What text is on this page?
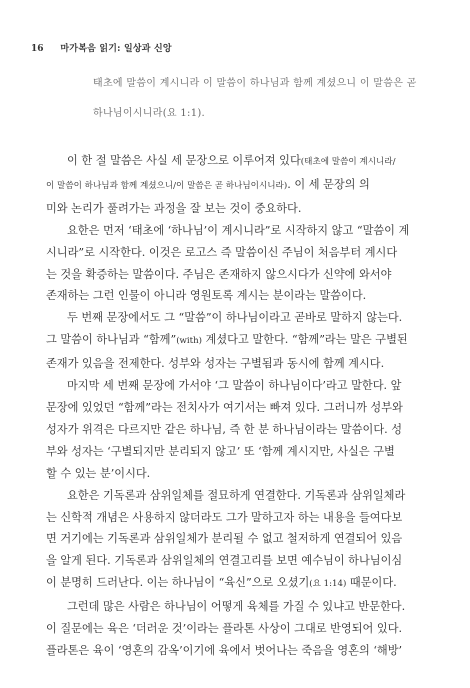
16 마가복음 읽기: 일상과 신앙

태초에 말씀이 계시니라 이 말씀이 하나님과 함께 계셨으니 이 말씀은 곧

하나님이시니라(요 1:1).

이 한 절 말씀은 사실 세 문장으로 이루어져 있다(태초에 말씀이 계시니라/

이 말씀이 하나님과 함께 계셨으니/이 말씀은 곧 하나님이시니라). 이 세 문장의 의

미와 논리가 풀려가는 과정을 잘 보는 것이 중요하다.

요한은 먼저 ‘태초에 ‘하나님’이 계시니라”로 시작하지 않고 “말씀이 계

시니라”로 시작한다. 이것은 로고스 즉 말씀이신 주님이 처음부터 계시다

는 것을 확증하는 말씀이다. 주님은 존재하지 않으시다가 신약에 와서야

존재하는 그런 인물이 아니라 영원토록 계시는 분이라는 말씀이다.

두 번째 문장에서도 그 “말씀”이 하나님이라고 곧바로 말하지 않는다.

그 말씀이 하나님과 “함께”(with) 계셨다고 말한다. “함께”라는 말은 구별된

존재가 있음을 전제한다. 성부와 성자는 구별됨과 동시에 함께 계시다.

마지막 세 번째 문장에 가서야 ‘그 말씀이 하나님이다’라고 말한다. 앞

문장에 있었던 “함께”라는 전치사가 여기서는 빠져 있다. 그러니까 성부와

성자가 위격은 다르지만 같은 하나님, 즉 한 분 하나님이라는 말씀이다. 성

부와 성자는 ‘구별되지만 분리되지 않고’ 또 ‘함께 계시지만, 사실은 구별

할 수 있는 분’이시다.

요한은 기독론과 삼위일체를 절묘하게 연결한다. 기독론과 삼위일체라

는 신학적 개념은 사용하지 않더라도 그가 말하고자 하는 내용을 들여다보

면 거기에는 기독론과 삼위일체가 분리될 수 없고 철저하게 연결되어 있음

을 알게 된다. 기독론과 삼위일체의 연결고리를 보면 예수님이 하나님이심

이 분명히 드러난다. 이는 하나님이 “육신”으로 오셨기(요 1:14) 때문이다.

그런데 많은 사람은 하나님이 어떻게 육체를 가질 수 있냐고 반문한다.

이 질문에는 육은 ‘더러운 것’이라는 플라톤 사상이 그대로 반영되어 있다.

플라톤은 육이 ‘영혼의 감옥’이기에 육에서 벗어나는 죽음을 영혼의 ‘해방’
